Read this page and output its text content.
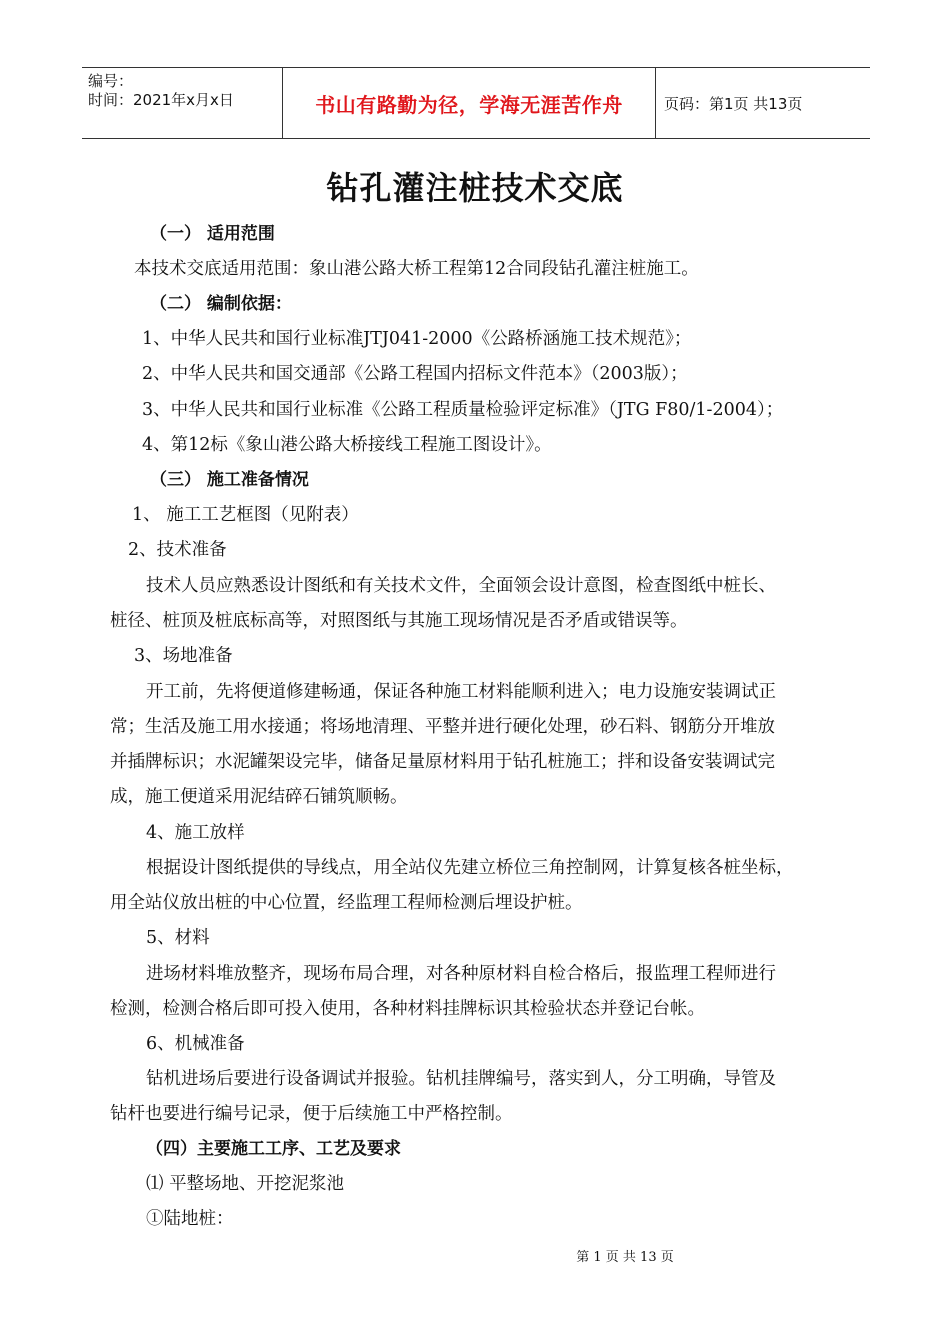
编号：
时间：2021年x月x日	书山有路勤为径，学海无涯苦作舟	页码：第1页 共13页
钻孔灌注桩技术交底
（一） 适用范围
本技术交底适用范围：象山港公路大桥工程第12合同段钻孔灌注桩施工。
（二） 编制依据：
1、中华人民共和国行业标准JTJ041-2000《公路桥涵施工技术规范》；
2、中华人民共和国交通部《公路工程国内招标文件范本》（2003版）；
3、中华人民共和国行业标准《公路工程质量检验评定标准》（JTG F80/1-2004）；
4、第12标《象山港公路大桥接线工程施工图设计》。
（三） 施工准备情况
1、 施工工艺框图（见附表）
2、技术准备
技术人员应熟悉设计图纸和有关技术文件，全面领会设计意图，检查图纸中桩长、
桩径、桩顶及桩底标高等，对照图纸与其施工现场情况是否矛盾或错误等。
3、场地准备
开工前，先将便道修建畅通，保证各种施工材料能顺利进入；电力设施安装调试正
常；生活及施工用水接通；将场地清理、平整并进行硬化处理，砂石料、钢筋分开堆放
并插牌标识；水泥罐架设完毕，储备足量原材料用于钻孔桩施工；拌和设备安装调试完
成，施工便道采用泥结碎石铺筑顺畅。
4、施工放样
根据设计图纸提供的导线点，用全站仪先建立桥位三角控制网，计算复核各桩坐标，
用全站仪放出桩的中心位置，经监理工程师检测后埋设护桩。
5、材料
进场材料堆放整齐，现场布局合理，对各种原材料自检合格后，报监理工程师进行
检测，检测合格后即可投入使用，各种材料挂牌标识其检验状态并登记台帐。
6、机械准备
钻机进场后要进行设备调试并报验。钻机挂牌编号，落实到人，分工明确，导管及
钻杆也要进行编号记录，便于后续施工中严格控制。
（四）主要施工工序、工艺及要求
⑴ 平整场地、开挖泥浆池
①陆地桩：
第 1 页 共 13 页
